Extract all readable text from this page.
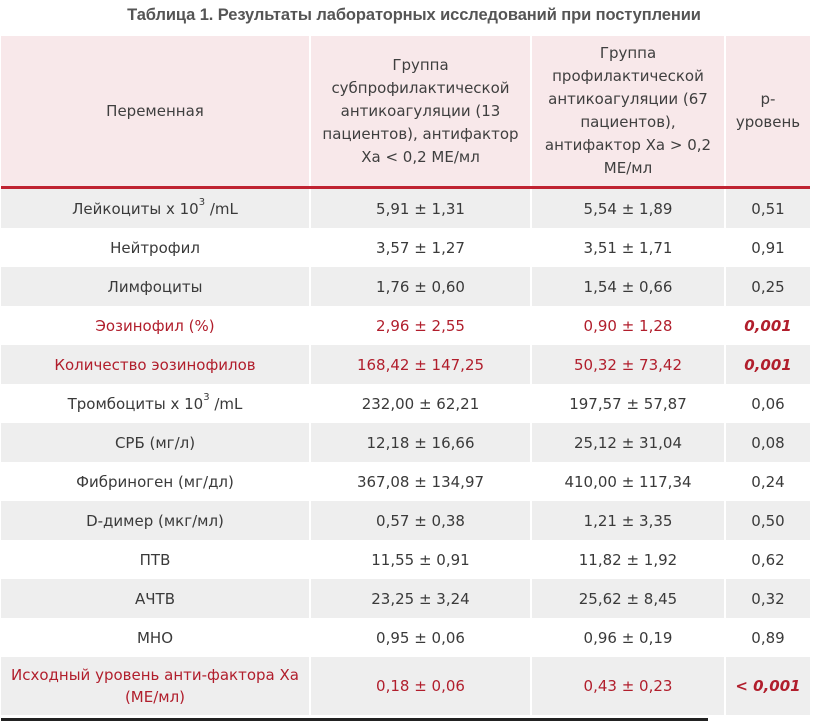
Таблица 1. Результаты лабораторных исследований при поступлении
Переменная	Группа субпрофилактической антикоагуляции (13 пациентов), антифактор Xa < 0,2 МЕ/мл	Группа профилактической антикоагуляции (67 пациентов), антифактор Xa > 0,2 МЕ/мл	p-уровень
Лейкоциты x $10^3$ /mL	5,91 ± 1,31	5,54 ± 1,89	0,51
Нейтрофил	3,57 ± 1,27	3,51 ± 1,71	0,91
Лимфоциты	1,76 ± 0,60	1,54 ± 0,66	0,25
Эозинофил (%)	2,96 ± 2,55	0,90 ± 1,28	0,001
Количество эозинофилов	168,42 ± 147,25	50,32 ± 73,42	0,001
Тромбоциты x $10^3$ /mL	232,00 ± 62,21	197,57 ± 57,87	0,06
СРБ (мг/л)	12,18 ± 16,66	25,12 ± 31,04	0,08
Фибриноген (мг/дл)	367,08 ± 134,97	410,00 ± 117,34	0,24
D-димер (мкг/мл)	0,57 ± 0,38	1,21 ± 3,35	0,50
ПТВ	11,55 ± 0,91	11,82 ± 1,92	0,62
АЧТВ	23,25 ± 3,24	25,62 ± 8,45	0,32
МНО	0,95 ± 0,06	0,96 ± 0,19	0,89
Исходный уровень анти-фактора Ха (МЕ/мл)	0,18 ± 0,06	0,43 ± 0,23	< 0,001
